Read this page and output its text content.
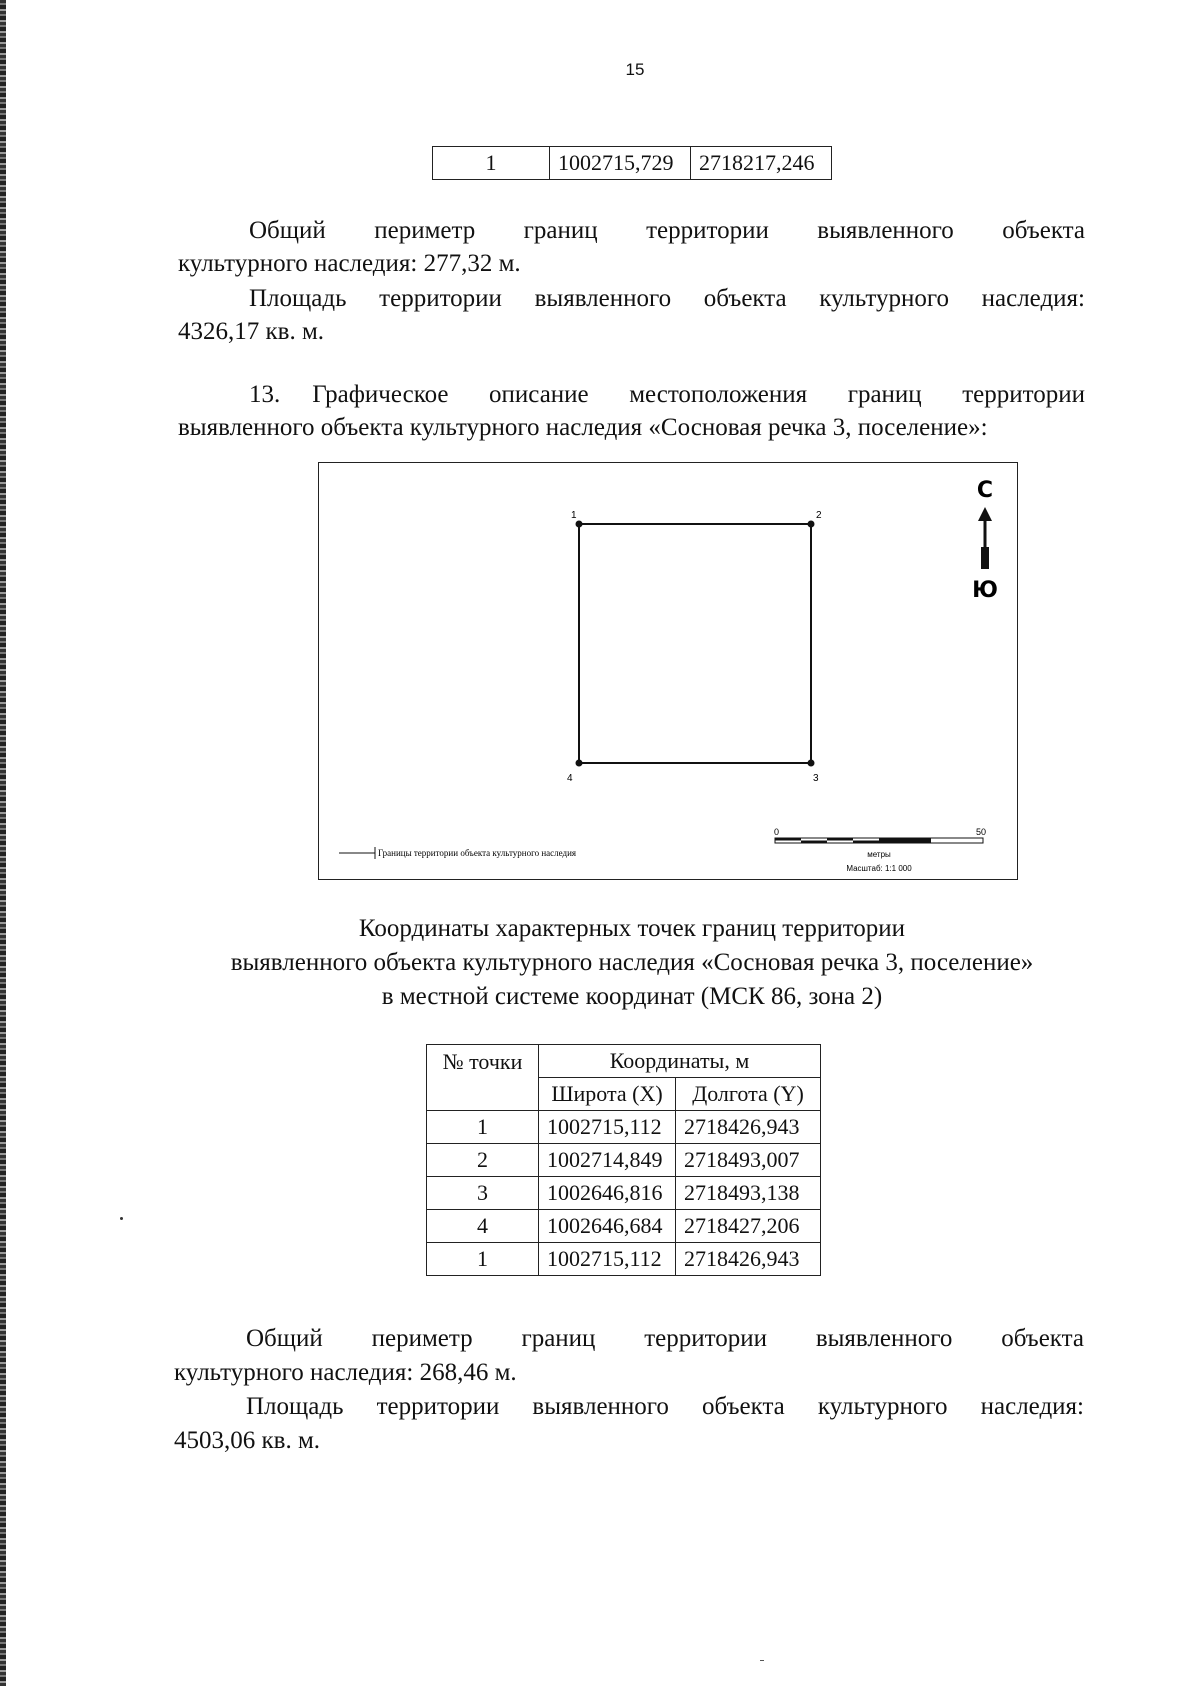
15
1	1002715,729	2718217,246
Общий периметр границ территории выявленного объекта
культурного наследия: 277,32 м.
Площадь территории выявленного объекта культурного наследия:
4326,17 кв. м.
13. Графическое описание местоположения границ территории
выявленного объекта культурного наследия «Сосновая речка 3, поселение»:
1	2
3
4
С
Ю
Границы территории объекта культурного наследия
0	50
метры
Масштаб: 1:1 000
Координаты характерных точек границ территории
выявленного объекта культурного наследия «Сосновая речка 3, поселение»
в местной системе координат (МСК 86, зона 2)
№ точки	Координаты, м	
	Широта (X)	Долгота (Y)
1	1002715,112	2718426,943
2	1002714,849	2718493,007
3	1002646,816	2718493,138
4	1002646,684	2718427,206
1	1002715,112	2718426,943
Общий периметр границ территории выявленного объекта
культурного наследия: 268,46 м.
Площадь территории выявленного объекта культурного наследия:
4503,06 кв. м.
